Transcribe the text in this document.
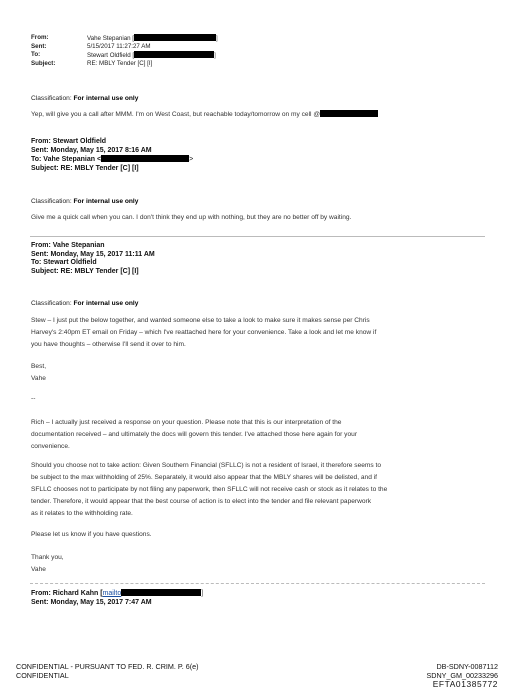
From:	Vahe Stepanian [	]
Sent:	5/15/2017 11:27:27 AM
To:	Stewart Oldfield [	]
Subject:	RE: MBLY Tender [C] [I]
Classification: For internal use only
Yep, will give you a call after MMM. I'm on West Coast, but reachable today/tomorrow on my cell @
From: Stewart Oldfield
Sent: Monday, May 15, 2017 8:16 AM
To: Vahe Stepanian <	>
Subject: RE: MBLY Tender [C] [I]
Classification: For internal use only
Give me a quick call when you can. I don't think they end up with nothing, but they are no better off by waiting.
From: Vahe Stepanian
Sent: Monday, May 15, 2017 11:11 AM
To: Stewart Oldfield
Subject: RE: MBLY Tender [C] [I]
Classification: For internal use only
Stew – I just put the below together, and wanted someone else to take a look to make sure it makes sense per Chris
Harvey's 2:40pm ET email on Friday – which I've reattached here for your convenience. Take a look and let me know if
you have thoughts – otherwise I'll send it over to him.
Best,
Vahe
--
Rich – I actually just received a response on your question. Please note that this is our interpretation of the
documentation received – and ultimately the docs will govern this tender. I've attached those here again for your
convenience.
Should you choose not to take action: Given Southern Financial (SFLLC) is not a resident of Israel, it therefore seems to
be subject to the max withholding of 25%. Separately, it would also appear that the MBLY shares will be delisted, and if
SFLLC chooses not to participate by not filing any paperwork, then SFLLC will not receive cash or stock as it relates to the
tender. Therefore, it would appear that the best course of action is to elect into the tender and file relevant paperwork
as it relates to the withholding rate.
Please let us know if you have questions.
Thank you,
Vahe
From: Richard Kahn [mailto	]
Sent: Monday, May 15, 2017 7:47 AM
CONFIDENTIAL - PURSUANT TO FED. R. CRIM. P. 6(e)
CONFIDENTIAL
DB-SDNY-0087112
SDNY_GM_00233296
EFTA01385772
